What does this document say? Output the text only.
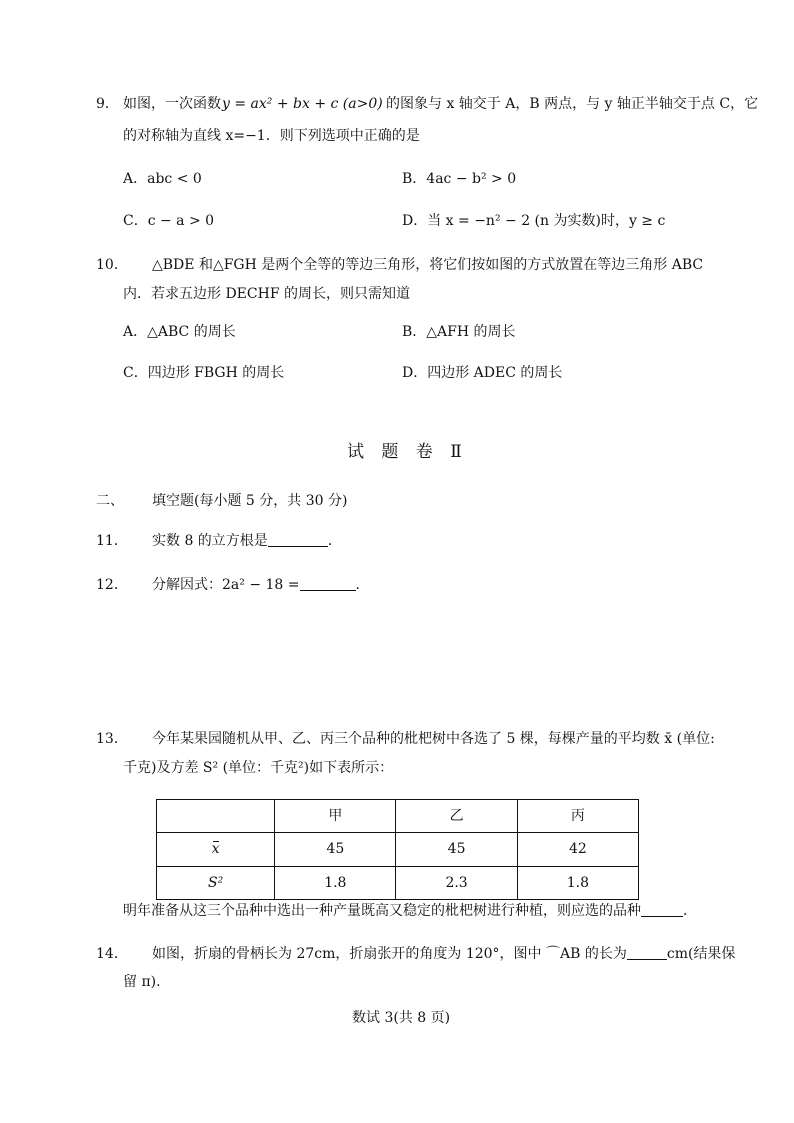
9． 如图，一次函数 y = ax² + bx + c (a>0) 的图象与 x 轴交于 A，B 两点，与 y 轴正半轴交于点 C，它
的对称轴为直线 x=−1．则下列选项中正确的是
A．abc < 0	B．4ac − b² > 0
C．c − a > 0	D．当 x = −n² − 2 (n 为实数)时，y ≥ c
10． △BDE 和△FGH 是两个全等的等边三角形，将它们按如图的方式放置在等边三角形 ABC
内．若求五边形 DECHF 的周长，则只需知道
A．△ABC 的周长	B．△AFH 的周长
C．四边形 FBGH 的周长	D．四边形 ADEC 的周长
试 题 卷 Ⅱ
二、 填空题(每小题 5 分，共 30 分)
11． 实数 8 的立方根是	．
12． 分解因式：2a² − 18 =	．
13． 今年某果园随机从甲、乙、丙三个品种的枇杷树中各选了 5 棵，每棵产量的平均数 x̄ (单位:
千克)及方差 S² (单位：千克²)如下表所示：
	甲	乙	丙
x	45	45	42
S²	1.8	2.3	1.8
明年准备从这三个品种中选出一种产量既高又稳定的枇杷树进行种植，则应选的品种	．
14． 如图，折扇的骨柄长为 27cm，折扇张开的角度为 120°，图中 ⌒AB 的长为	cm(结果保
留 π)．
数试 3(共 8 页)
